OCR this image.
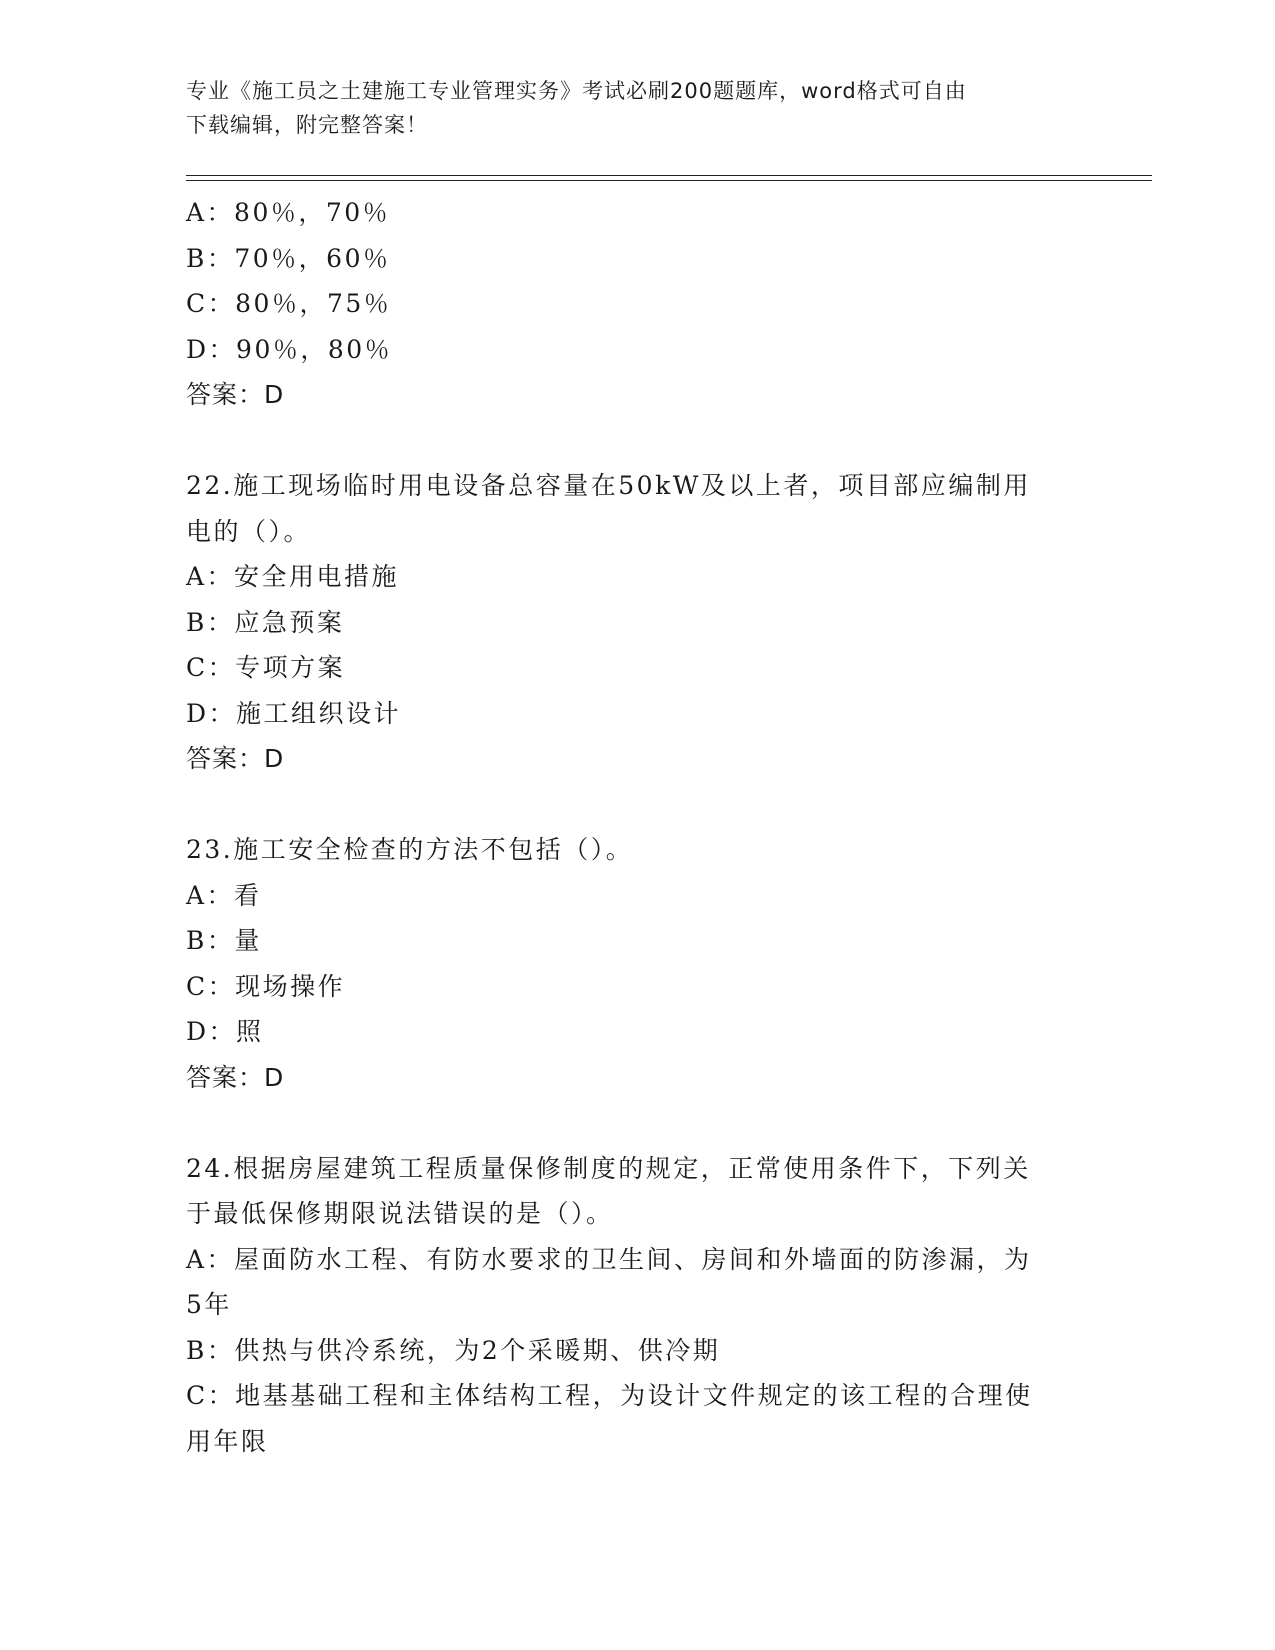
专业《施工员之土建施工专业管理实务》考试必刷200题题库，word格式可自由
下载编辑，附完整答案！
A：80％，70％
B：70％，60％
C：80％，75％
D：90％，80％
答案：D
22.施工现场临时用电设备总容量在50kW及以上者，项目部应编制用
电的（）。
A：安全用电措施
B：应急预案
C：专项方案
D：施工组织设计
答案：D
23.施工安全检查的方法不包括（）。
A：看
B：量
C：现场操作
D：照
答案：D
24.根据房屋建筑工程质量保修制度的规定，正常使用条件下，下列关
于最低保修期限说法错误的是（）。
A：屋面防水工程、有防水要求的卫生间、房间和外墙面的防渗漏，为
5年
B：供热与供冷系统，为2个采暖期、供冷期
C：地基基础工程和主体结构工程，为设计文件规定的该工程的合理使
用年限
